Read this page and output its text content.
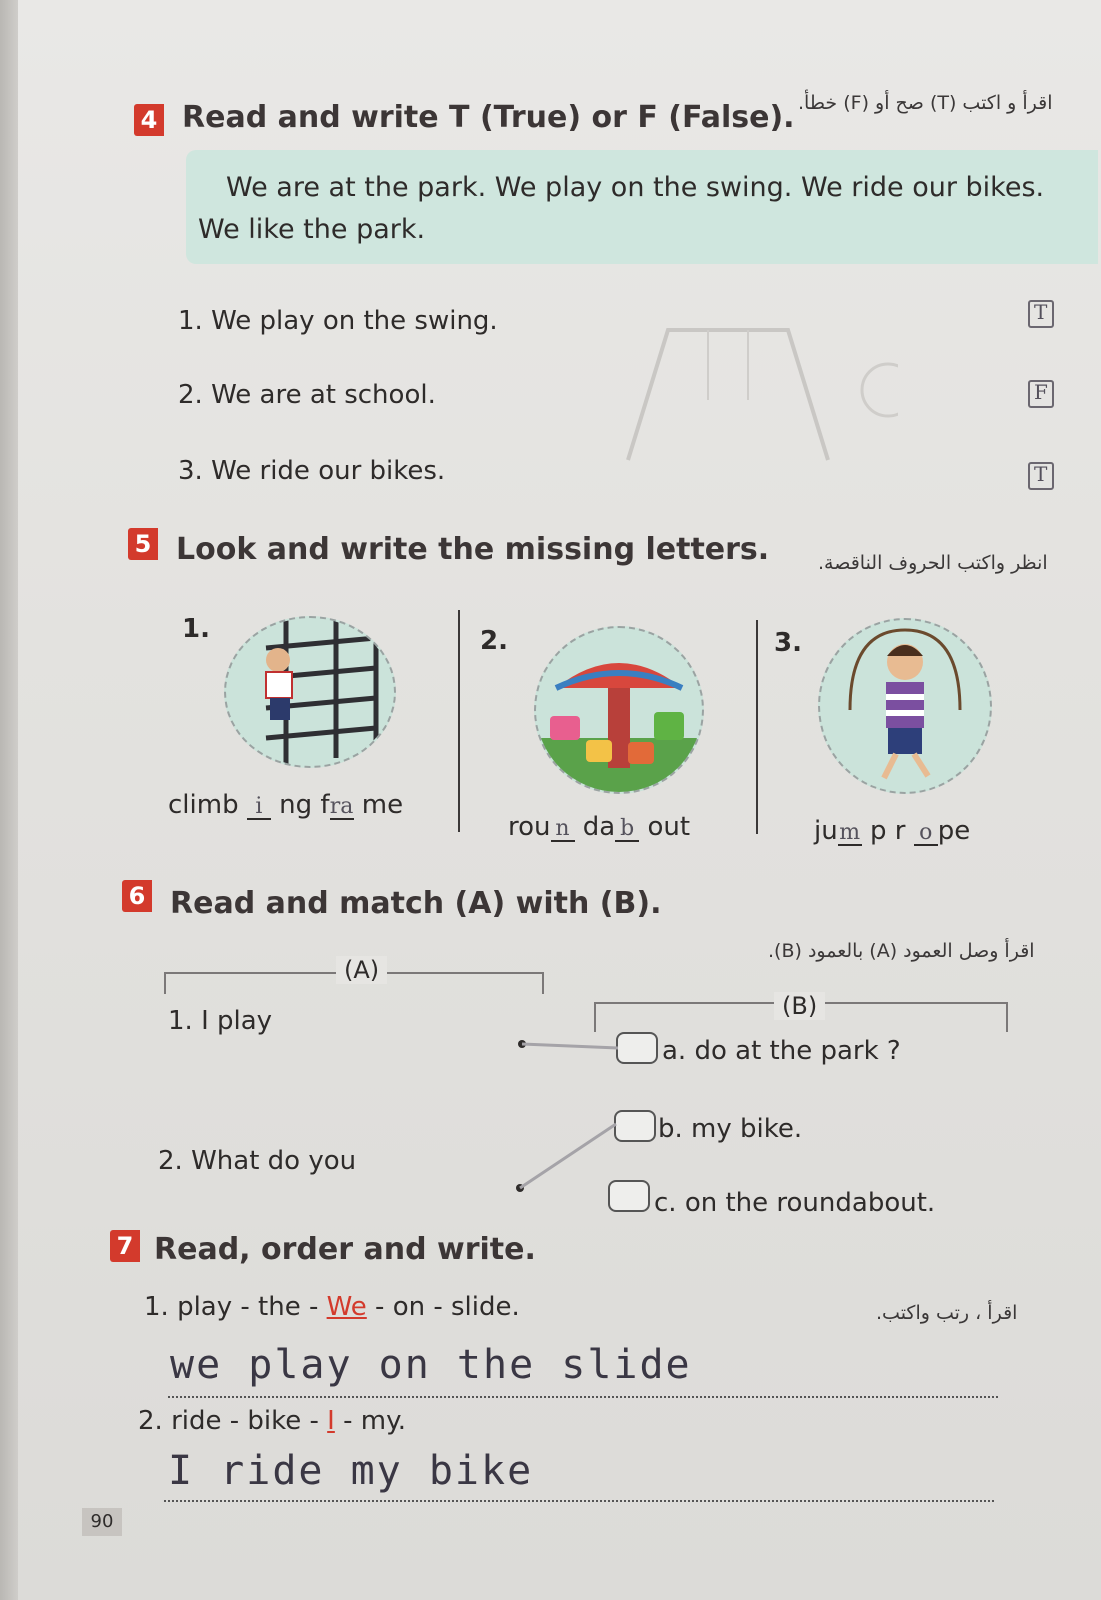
4 Read and write T (True) or F (False). اقرأ و اكتب (T) صح أو (F) خطأ.
We are at the park. We play on the swing. We ride our bikes.
We like the park.
1. We play on the swing.
2. We are at school.
3. We ride our bikes.
T
F
T
5 Look and write the missing letters.	انظر واكتب الحروف الناقصة.
1.
climb i ng fra me
2.
rou n da b out
3.
jum p r o pe
6 Read and match (A) with (B).
اقرأ وصل العمود (A) بالعمود (B).
(A)
(B)
1. I play
2. What do you
a. do at the park ?
b. my bike.
c. on the roundabout.
7 Read, order and write.
اقرأ ، رتب واكتب.
1. play - the - We - on - slide.
we play on the slide
2. ride - bike - I - my.
I ride my bike
90
